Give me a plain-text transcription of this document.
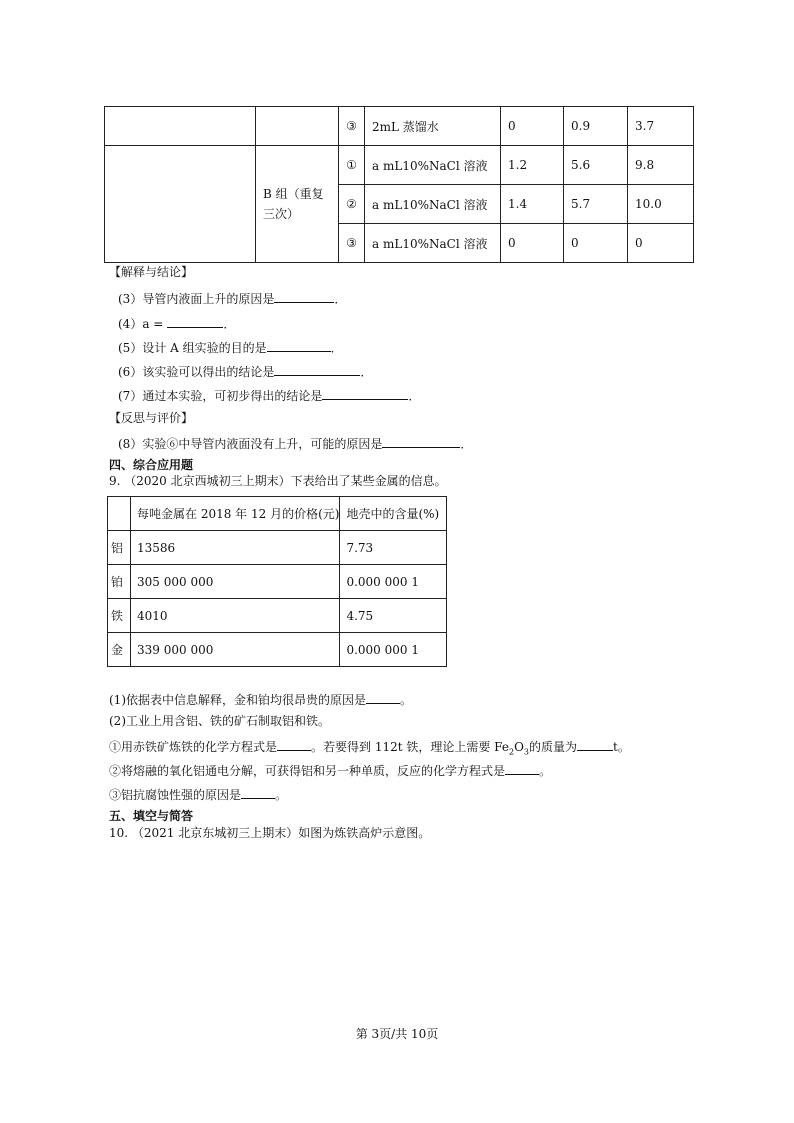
		③	2mL 蒸馏水	0	0.9	3.7
	B 组（重复三次）	①	a mL10%NaCl 溶液	1.2	5.6	9.8
		②	a mL10%NaCl 溶液	1.4	5.7	10.0
		③	a mL10%NaCl 溶液	0	0	0
【解释与结论】
(3）导管内液面上升的原因是	．
(4）a =	．
(5）设计 A 组实验的目的是	．
(6）该实验可以得出的结论是	．
(7）通过本实验，可初步得出的结论是	．
【反思与评价】
(8）实验⑥中导管内液面没有上升，可能的原因是	．
四、综合应用题
9. （2020 北京西城初三上期末）下表给出了某些金属的信息。
	每吨金属在 2018 年 12 月的价格(元)	地壳中的含量(%)
铝	13586	7.73
铂	305 000 000	0.000 000 1
铁	4010	4.75
金	339 000 000	0.000 000 1
(1)依据表中信息解释，金和铂均很昂贵的原因是	。
(2)工业上用含铝、铁的矿石制取铝和铁。
①用赤铁矿炼铁的化学方程式是	。若要得到 112t 铁，理论上需要 $Fe_2O_3$的质量为	t。
②将熔融的氧化铝通电分解，可获得铝和另一种单质，反应的化学方程式是	。
③铝抗腐蚀性强的原因是	。
五、填空与简答
10. （2021 北京东城初三上期末）如图为炼铁高炉示意图。
第 3页/共 10页
